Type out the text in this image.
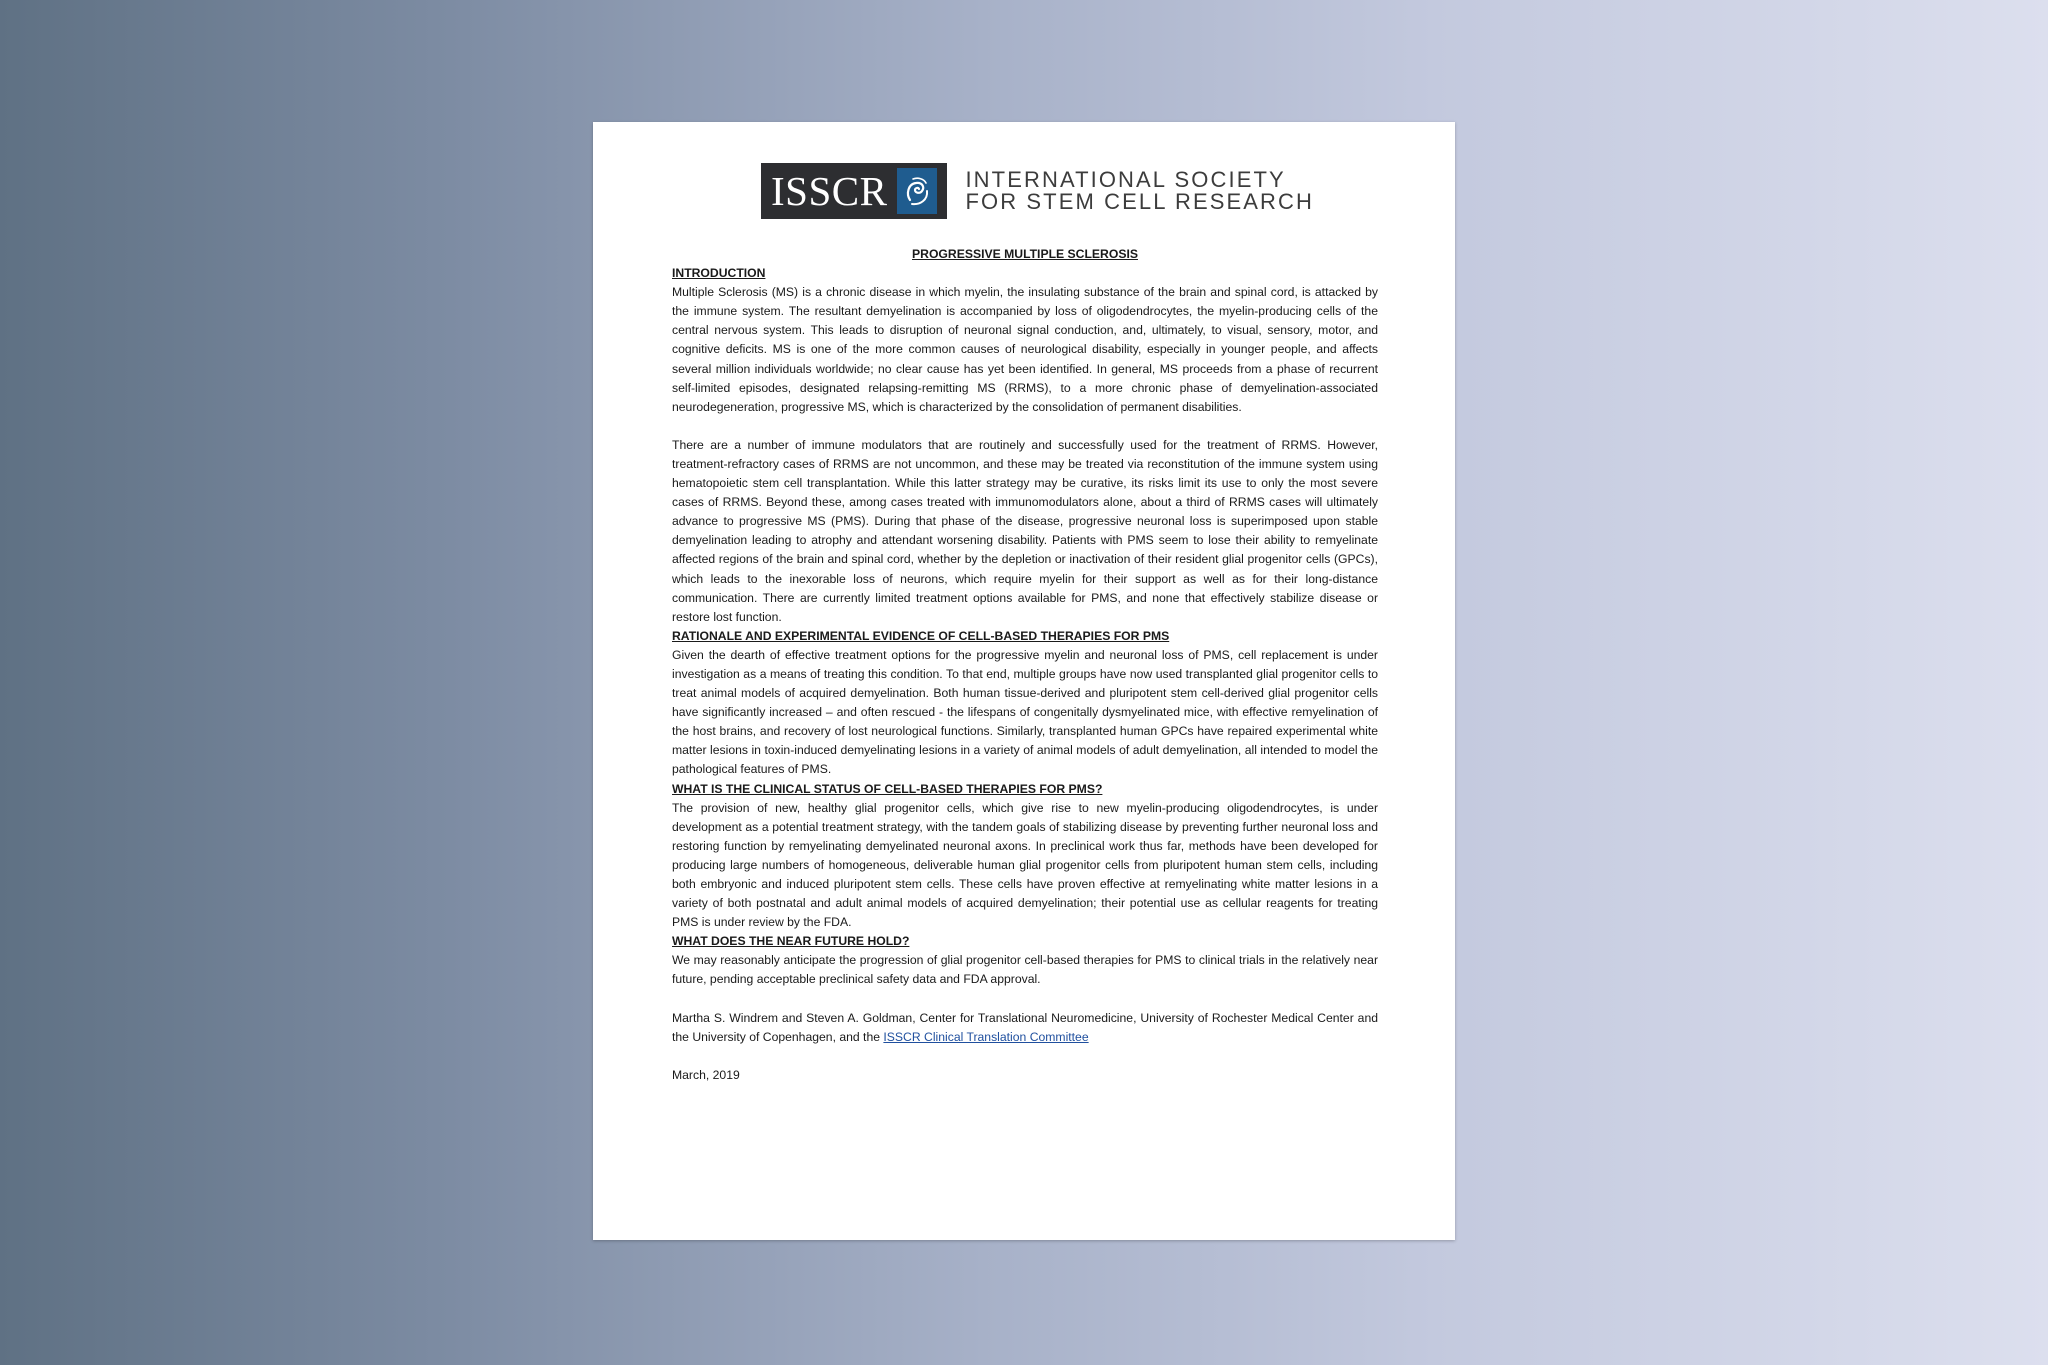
ISSCR	INTERNATIONAL SOCIETY
FOR STEM CELL RESEARCH

PROGRESSIVE MULTIPLE SCLEROSIS

INTRODUCTION

Multiple Sclerosis (MS) is a chronic disease in which myelin, the insulating substance of the brain and spinal cord, is attacked by the immune system. The resultant demyelination is accompanied by loss of oligodendrocytes, the myelin-producing cells of the central nervous system. This leads to disruption of neuronal signal conduction, and, ultimately, to visual, sensory, motor, and cognitive deficits. MS is one of the more common causes of neurological disability, especially in younger people, and affects several million individuals worldwide; no clear cause has yet been identified. In general, MS proceeds from a phase of recurrent self-limited episodes, designated relapsing-remitting MS (RRMS), to a more chronic phase of demyelination-associated neurodegeneration, progressive MS, which is characterized by the consolidation of permanent disabilities.

There are a number of immune modulators that are routinely and successfully used for the treatment of RRMS. However, treatment-refractory cases of RRMS are not uncommon, and these may be treated via reconstitution of the immune system using hematopoietic stem cell transplantation. While this latter strategy may be curative, its risks limit its use to only the most severe cases of RRMS. Beyond these, among cases treated with immunomodulators alone, about a third of RRMS cases will ultimately advance to progressive MS (PMS). During that phase of the disease, progressive neuronal loss is superimposed upon stable demyelination leading to atrophy and attendant worsening disability. Patients with PMS seem to lose their ability to remyelinate affected regions of the brain and spinal cord, whether by the depletion or inactivation of their resident glial progenitor cells (GPCs), which leads to the inexorable loss of neurons, which require myelin for their support as well as for their long-distance communication. There are currently limited treatment options available for PMS, and none that effectively stabilize disease or restore lost function.

RATIONALE AND EXPERIMENTAL EVIDENCE OF CELL-BASED THERAPIES FOR PMS

Given the dearth of effective treatment options for the progressive myelin and neuronal loss of PMS, cell replacement is under investigation as a means of treating this condition. To that end, multiple groups have now used transplanted glial progenitor cells to treat animal models of acquired demyelination. Both human tissue-derived and pluripotent stem cell-derived glial progenitor cells have significantly increased – and often rescued - the lifespans of congenitally dysmyelinated mice, with effective remyelination of the host brains, and recovery of lost neurological functions. Similarly, transplanted human GPCs have repaired experimental white matter lesions in toxin-induced demyelinating lesions in a variety of animal models of adult demyelination, all intended to model the pathological features of PMS.

WHAT IS THE CLINICAL STATUS OF CELL-BASED THERAPIES FOR PMS?

The provision of new, healthy glial progenitor cells, which give rise to new myelin-producing oligodendrocytes, is under development as a potential treatment strategy, with the tandem goals of stabilizing disease by preventing further neuronal loss and restoring function by remyelinating demyelinated neuronal axons. In preclinical work thus far, methods have been developed for producing large numbers of homogeneous, deliverable human glial progenitor cells from pluripotent human stem cells, including both embryonic and induced pluripotent stem cells. These cells have proven effective at remyelinating white matter lesions in a variety of both postnatal and adult animal models of acquired demyelination; their potential use as cellular reagents for treating PMS is under review by the FDA.

WHAT DOES THE NEAR FUTURE HOLD?

We may reasonably anticipate the progression of glial progenitor cell-based therapies for PMS to clinical trials in the relatively near future, pending acceptable preclinical safety data and FDA approval.

Martha S. Windrem and Steven A. Goldman, Center for Translational Neuromedicine, University of Rochester Medical Center and the University of Copenhagen, and the ISSCR Clinical Translation Committee

March, 2019
